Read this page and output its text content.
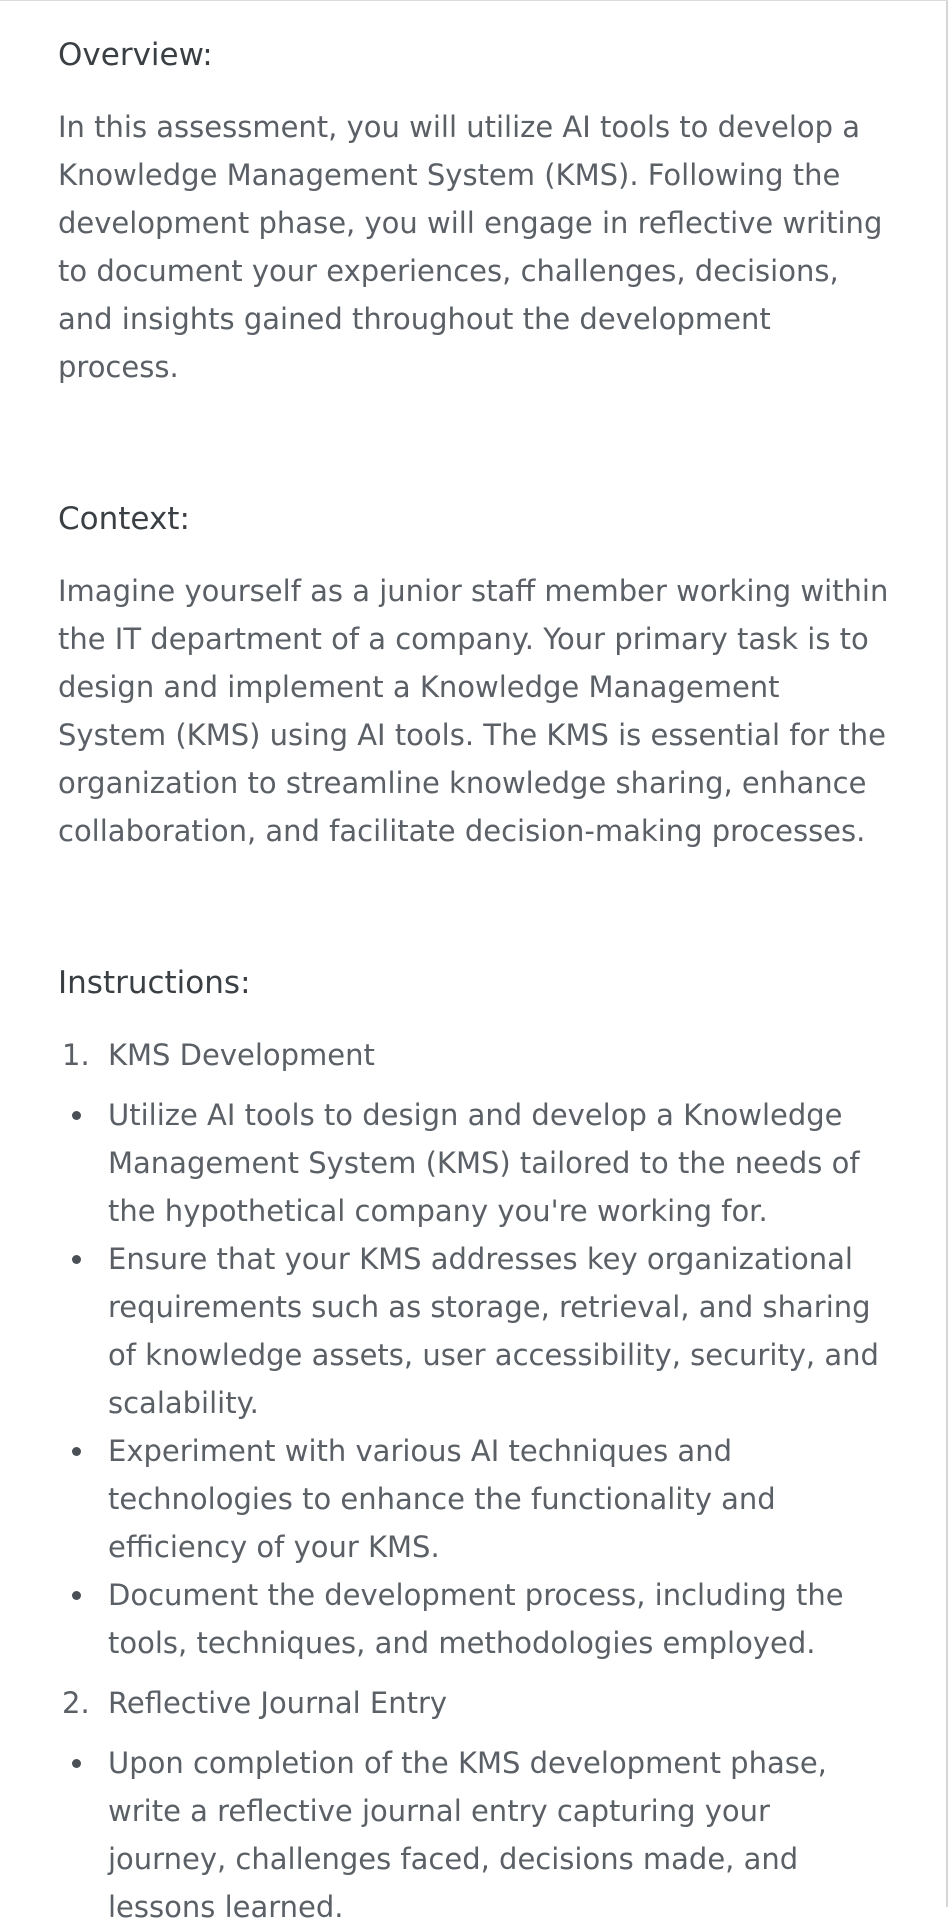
Overview:

In this assessment, you will utilize AI tools to develop a Knowledge Management System (KMS). Following the development phase, you will engage in reflective writing to document your experiences, challenges, decisions, and insights gained throughout the development process.

Context:

Imagine yourself as a junior staff member working within the IT department of a company. Your primary task is to design and implement a Knowledge Management System (KMS) using AI tools. The KMS is essential for the organization to streamline knowledge sharing, enhance collaboration, and facilitate decision-making processes.

Instructions:
1. KMS Development
Utilize AI tools to design and develop a Knowledge Management System (KMS) tailored to the needs of the hypothetical company you're working for.
Ensure that your KMS addresses key organizational requirements such as storage, retrieval, and sharing of knowledge assets, user accessibility, security, and scalability.
Experiment with various AI techniques and technologies to enhance the functionality and efficiency of your KMS.
Document the development process, including the tools, techniques, and methodologies employed.
2. Reflective Journal Entry
Upon completion of the KMS development phase, write a reflective journal entry capturing your journey, challenges faced, decisions made, and lessons learned.
